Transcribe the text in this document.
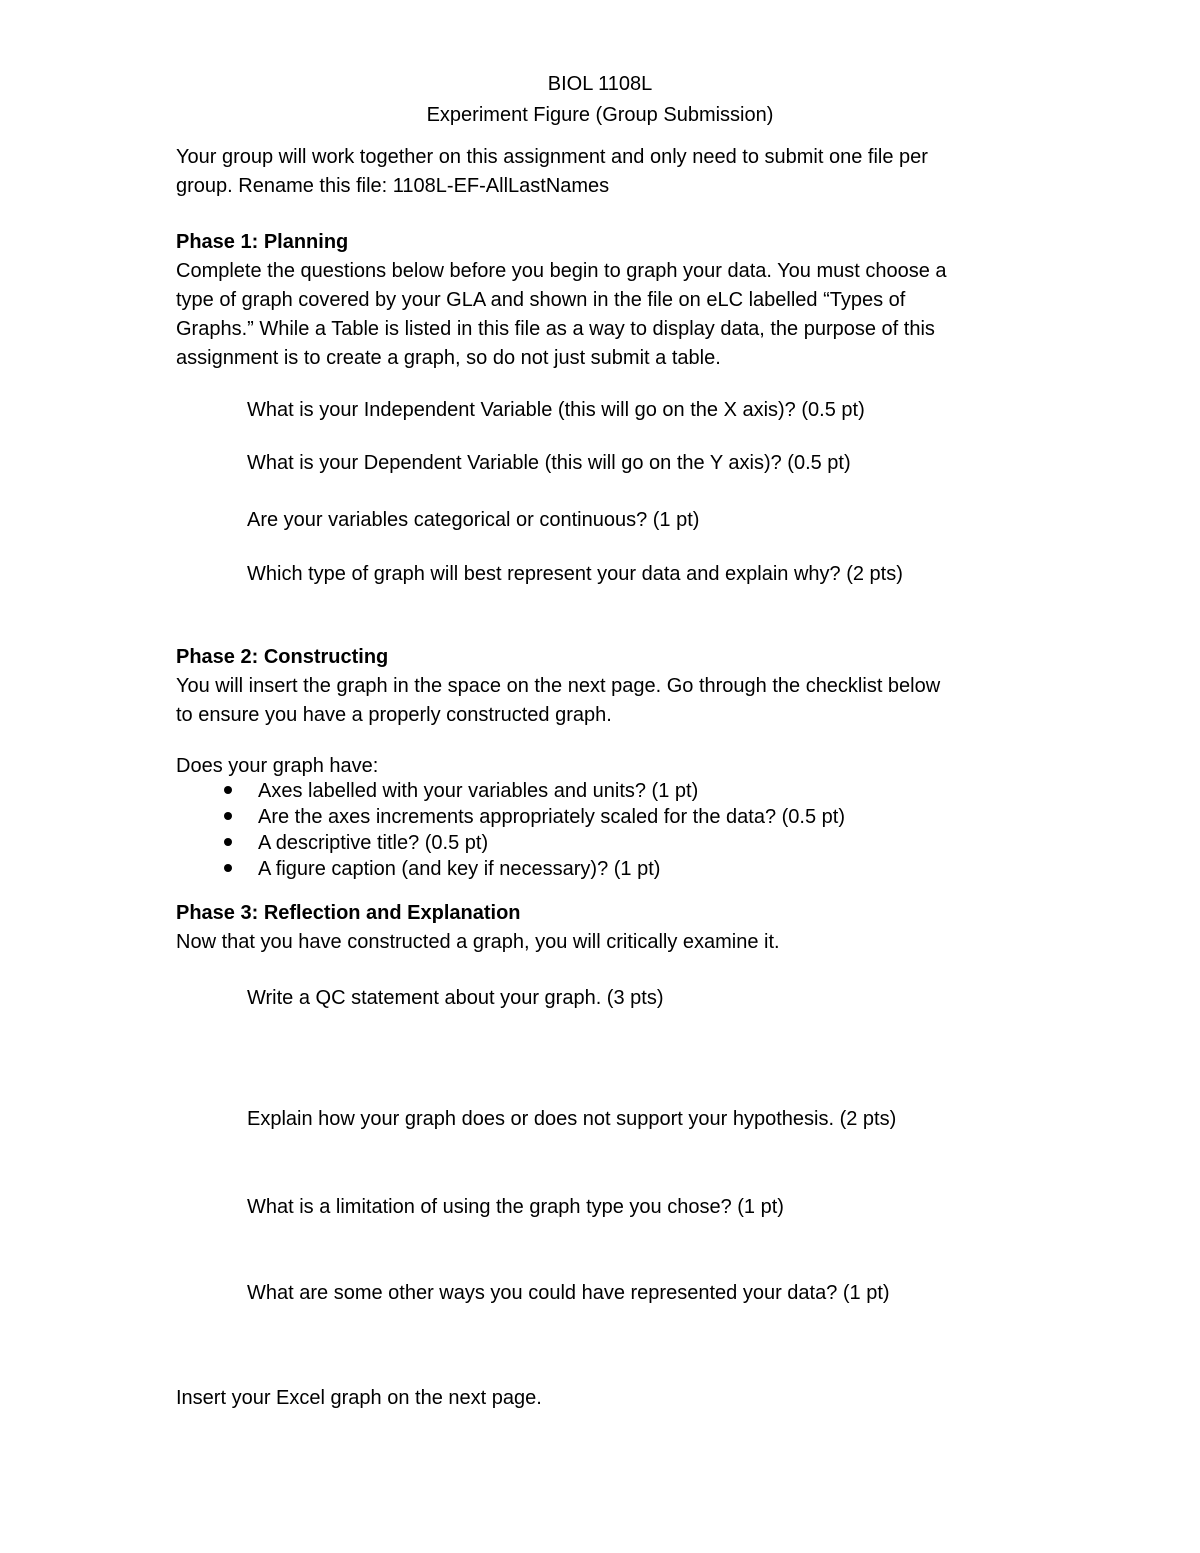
BIOL 1108L
Experiment Figure (Group Submission)
Your group will work together on this assignment and only need to submit one file per
group. Rename this file: 1108L-EF-AllLastNames
Phase 1: Planning
Complete the questions below before you begin to graph your data. You must choose a
type of graph covered by your GLA and shown in the file on eLC labelled “Types of
Graphs.” While a Table is listed in this file as a way to display data, the purpose of this
assignment is to create a graph, so do not just submit a table.
What is your Independent Variable (this will go on the X axis)? (0.5 pt)
What is your Dependent Variable (this will go on the Y axis)? (0.5 pt)
Are your variables categorical or continuous? (1 pt)
Which type of graph will best represent your data and explain why? (2 pts)
Phase 2: Constructing
You will insert the graph in the space on the next page. Go through the checklist below
to ensure you have a properly constructed graph.
Does your graph have:
Axes labelled with your variables and units? (1 pt)
Are the axes increments appropriately scaled for the data? (0.5 pt)
A descriptive title? (0.5 pt)
A figure caption (and key if necessary)? (1 pt)
Phase 3: Reflection and Explanation
Now that you have constructed a graph, you will critically examine it.
Write a QC statement about your graph. (3 pts)
Explain how your graph does or does not support your hypothesis. (2 pts)
What is a limitation of using the graph type you chose? (1 pt)
What are some other ways you could have represented your data? (1 pt)
Insert your Excel graph on the next page.
